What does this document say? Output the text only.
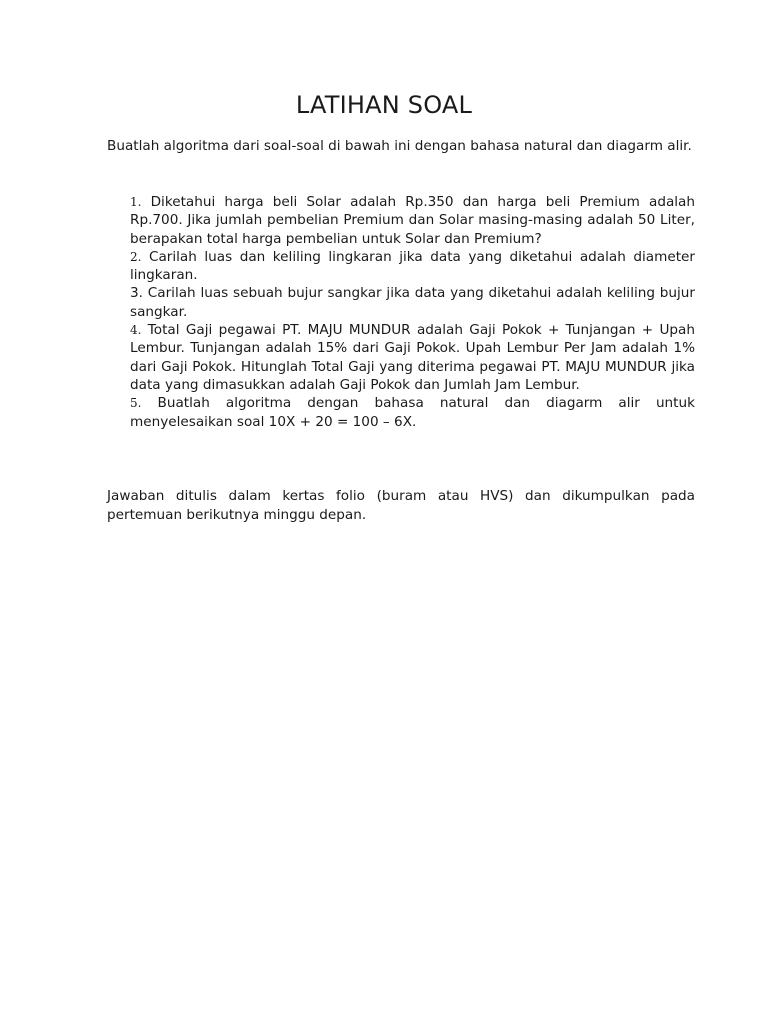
LATIHAN SOAL

Buatlah algoritma dari soal-soal di bawah ini dengan bahasa natural dan diagarm alir.

1. Diketahui harga beli Solar adalah Rp.350 dan harga beli Premium adalah Rp.700. Jika jumlah pembelian Premium dan Solar masing-masing adalah 50 Liter, berapakan total harga pembelian untuk Solar dan Premium?
2. Carilah luas dan keliling lingkaran jika data yang diketahui adalah diameter lingkaran.
3. Carilah luas sebuah bujur sangkar jika data yang diketahui adalah keliling bujur sangkar.
4. Total Gaji pegawai PT. MAJU MUNDUR adalah Gaji Pokok + Tunjangan + Upah Lembur. Tunjangan adalah 15% dari Gaji Pokok. Upah Lembur Per Jam adalah 1% dari Gaji Pokok. Hitunglah Total Gaji yang diterima pegawai PT. MAJU MUNDUR jika data yang dimasukkan adalah Gaji Pokok dan Jumlah Jam Lembur.
5. Buatlah algoritma dengan bahasa natural dan diagarm alir untuk menyelesaikan soal 10X + 20 = 100 – 6X.

Jawaban ditulis dalam kertas folio (buram atau HVS) dan dikumpulkan pada pertemuan berikutnya minggu depan.
